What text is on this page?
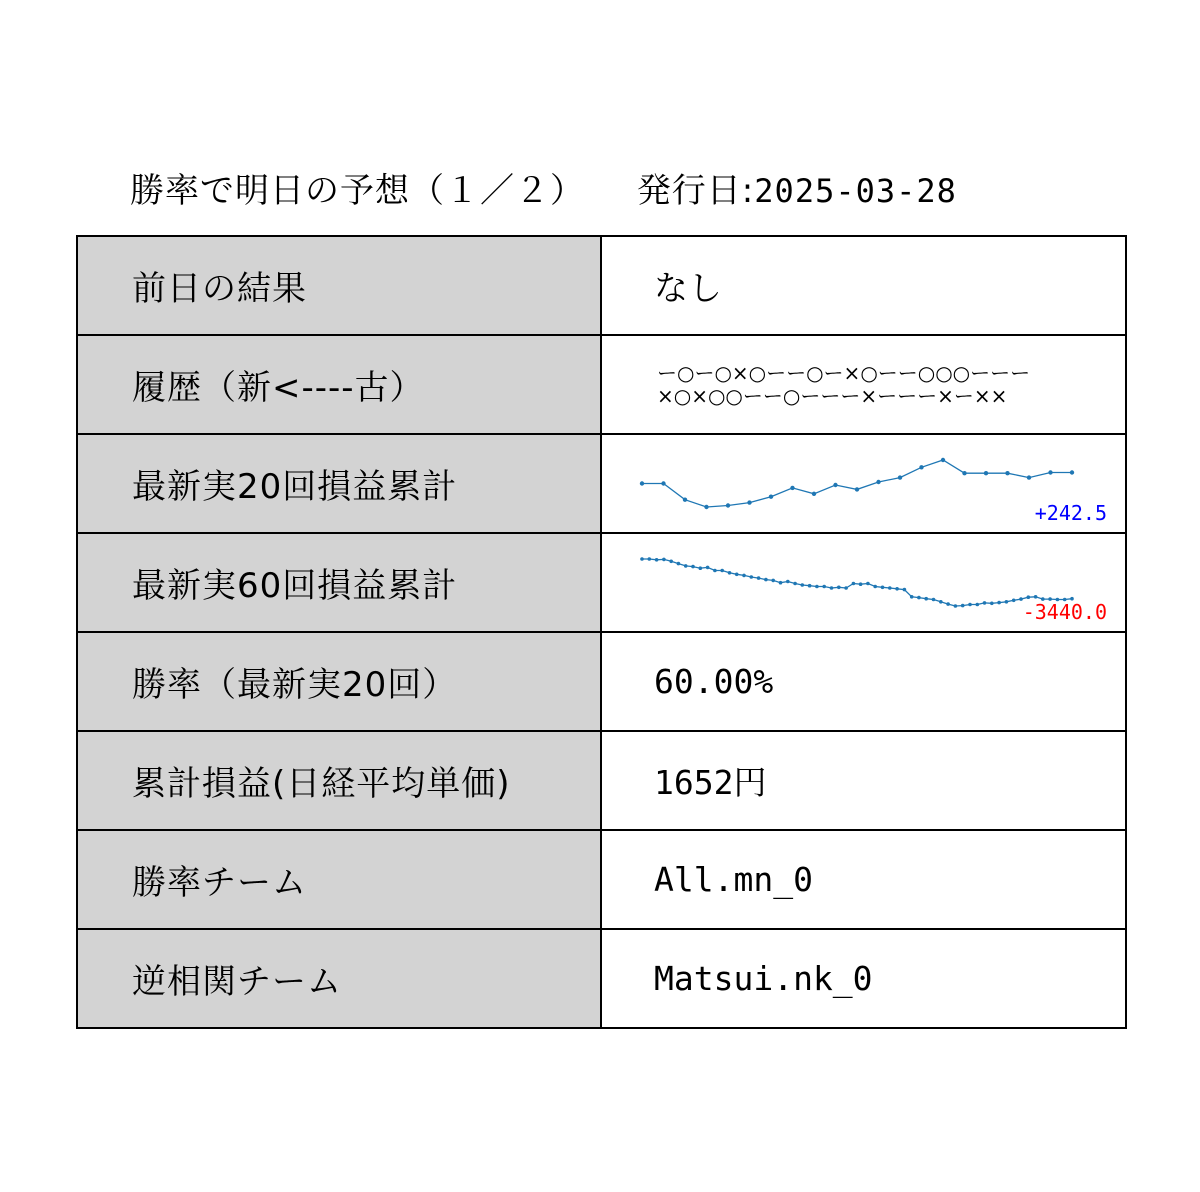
勝率で明日の予想（１／２） 発行日:2025-03-28
前日の結果	なし
履歴（新<----古）	ー○ー○×○ーー○ー×○ーー○○○ーーー
×○×○○ーー○ーーー×ーーー×ー××

最新実20回損益累計	+242.5

最新実60回損益累計	-3440.0

勝率（最新実20回）	60.00%
累計損益(日経平均単価)	1652円
勝率チーム	All.mn_0
逆相関チーム	Matsui.nk_0
